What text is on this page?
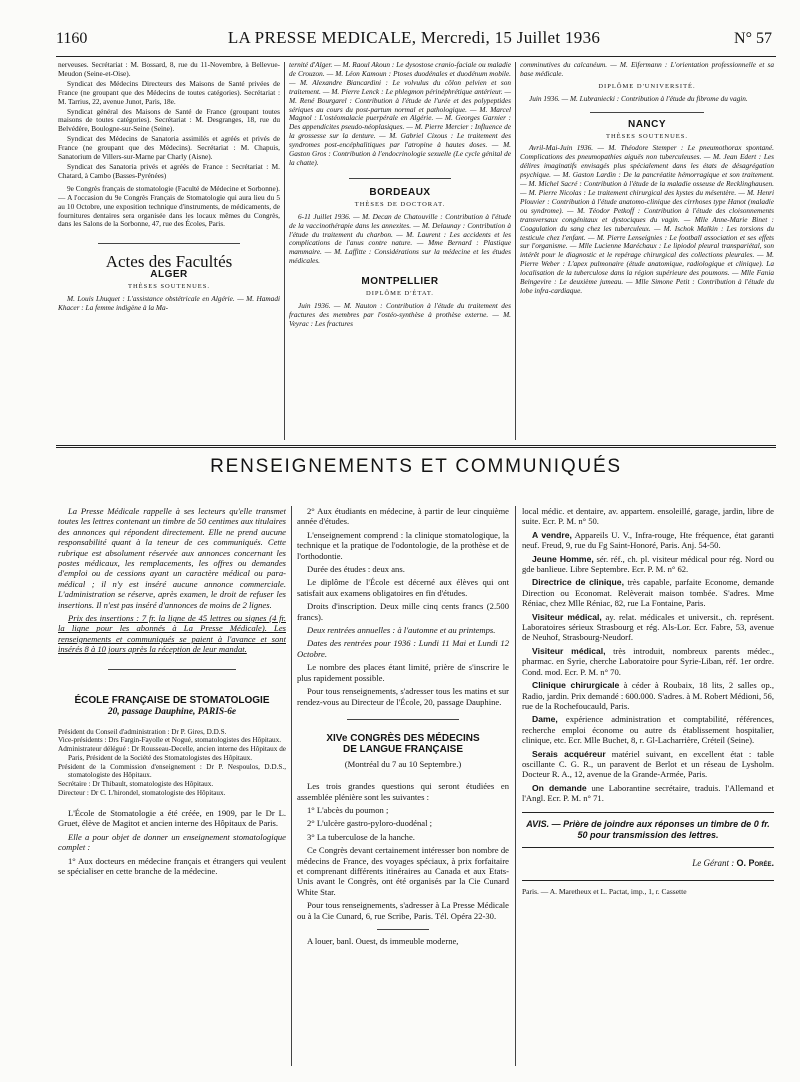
1160	LA PRESSE MEDICALE, Mercredi, 15 Juillet 1936	N° 57

nerveuses. Secrétariat : M. Bossard, 8, rue du 11-Novembre, à Bellevue-Meudon (Seine-et-Oise).

Syndicat des Médecins Directeurs des Maisons de Santé privées de France (ne groupant que des Médecins de toutes catégories). Secrétariat : M. Tarrius, 22, avenue Junot, Paris, 18e.

Syndicat général des Maisons de Santé de France (groupant toutes maisons de toutes catégories). Secrétariat : M. Desgranges, 18, rue du Belvédère, Boulogne-sur-Seine (Seine).

Syndicat des Médecins de Sanatoria assimilés et agréés et privés de France (ne groupant que des Médecins). Secrétariat : M. Chapuis, Sanatorium de Villers-sur-Marne par Charly (Aisne).

Syndicat des Sanatoria privés et agréés de France : Secrétariat : M. Chatard, à Cambo (Basses-Pyrénées)

9e Congrès français de stomatologie (Faculté de Médecine et Sorbonne). — A l'occasion du 9e Congrès Français de Stomatologie qui aura lieu du 5 au 10 Octobre, une exposition technique d'instruments, de médicaments, de fournitures dentaires sera organisée dans les locaux mêmes du Congrès, dans les Salons de la Sorbonne, 47, rue des Écoles, Paris.

Actes des Facultés
ALGER
THÈSES SOUTENUES.

M. Louis Lhuquet : L'assistance obstétricale en Algérie. — M. Hamadi Khacer : La femme indigène à la Ma-

ternité d'Alger. — M. Raoul Akoun : Le dysostose cranio-faciale ou maladie de Crouzon. — M. Léon Kamoun : Ptoses duodénales et duodénum mobile. — M. Alexandre Biancardini : Le volvulus du côlon pelvien et son traitement. — M. Pierre Lenck : Le phlegmon périnéphrétique antérieur. — M. René Bourgarel : Contribution à l'étude de l'urée et des polypeptides sériques au cours du post-partum normal et pathologique. — M. Marcel Magnol : L'ostéomalacie puerpérale en Algérie. — M. Georges Garnier : Des appendicites pseudo-néoplasiques. — M. Pierre Mercier : Influence de la grossesse sur la denture. — M. Gabriel Cixous : Le traitement des syndromes post-encéphalitiques par l'atropine à hautes doses. — M. Gaston Gros : Contribution à l'endocrinologie sexuelle (Le cycle génital de la chatte).

BORDEAUX
THÈSES DE DOCTORAT.

6-11 Juillet 1936. — M. Decan de Chatouville : Contribution à l'étude de la vaccinothérapie dans les annexites. — M. Delaunay : Contribution à l'étude du traitement du charbon. — M. Laurent : Les accidents et les complications de l'anus contre nature. — Mme Bernard : Plastique mammaire. — M. Laffitte : Considérations sur la médecine et les études médicales.

MONTPELLIER
DIPLÔME D'ÉTAT.

Juin 1936. — M. Nauton : Contribution à l'étude du traitement des fractures des membres par l'ostéo-synthèse à prothèse externe. — M. Veyrac : Les fractures

comminutives du calcanéum. — M. Eifermann : L'orientation professionnelle et sa base médicale.

DIPLÔME D'UNIVERSITÉ.

Juin 1936. — M. Lubraniecki : Contribution à l'étude du fibrome du vagin.

NANCY
THÈSES SOUTENUES.

Avril-Mai-Juin 1936. — M. Théodore Stemper : Le pneumothorax spontané. Complications des pneumopathies aiguës non tuberculeuses. — M. Jean Edert : Les délires imaginatifs envisagés plus spécialement dans les états de désagrégation psychique. — M. Gaston Lardin : De la pancréatite hémorragique et son traitement. — M. Michel Sacré : Contribution à l'étude de la maladie osseuse de Recklinghausen. — M. Pierre Nicolas : Le traitement chirurgical des kystes du mésentère. — M. Henri Plouvier : Contribution à l'étude anatomo-clinique des cirrhoses type Hanot (maladie ou syndrome). — M. Téodor Petkoff : Contribution à l'étude des cloisonnements transversaux congénitaux et dystociques du vagin. — Mlle Anne-Marie Binet : Coagulation du sang chez les tuberculeux. — M. Ischok Malkin : Les torsions du testicule chez l'enfant. — M. Pierre Lenseignies : Le football association et ses effets sur l'organisme. — Mlle Lucienne Maréchaux : Le lipiodol pleural transpariétal, son intérêt pour le diagnostic et le repérage chirurgical des collections pleurales. — M. Pierre Weber : L'apex pulmonaire (étude anatomique, radiologique et clinique). La localisation de la tuberculose dans la région supérieure des poumons. — Mlle Fania Beingevire : Le deuxième jumeau. — Mlle Simone Petit : Contribution à l'étude du lobe infra-cardiaque.

RENSEIGNEMENTS ET COMMUNIQUÉS

La Presse Médicale rappelle à ses lecteurs qu'elle transmet toutes les lettres contenant un timbre de 50 centimes aux titulaires des annonces qui répondent directement. Elle ne prend aucune responsabilité quant à la teneur de ces communiqués. Cette rubrique est absolument réservée aux annonces concernant les postes médicaux, les remplacements, les offres ou demandes d'emploi ou de cessions ayant un caractère médical ou para-médical ; il n'y est inséré aucune annonce commerciale. L'administration se réserve, après examen, le droit de refuser les insertions. Il n'est pas inséré d'annonces de moins de 2 lignes.

Prix des insertions : 7 fr. la ligne de 45 lettres ou signes (4 fr. la ligne pour les abonnés à La Presse Médicale). Les renseignements et communiqués se paient à l'avance et sont insérés 8 à 10 jours après la réception de leur mandat.

ÉCOLE FRANÇAISE DE STOMATOLOGIE
20, passage Dauphine, PARIS-6e
Président du Conseil d'administration : Dr P. Gires, D.D.S.
Vice-présidents : Drs Fargin-Fayolle et Nogué, stomatologistes des Hôpitaux.
Administrateur délégué : Dr Rousseau-Decelle, ancien interne des Hôpitaux de Paris, Président de la Société des Stomatologistes des Hôpitaux.
Président de la Commission d'enseignement : Dr P. Nespoulos, D.D.S., stomatologiste des Hôpitaux.
Secrétaire : Dr Thibault, stomatologiste des Hôpitaux.
Directeur : Dr C. L'hirondel, stomatologiste des Hôpitaux.

L'École de Stomatologie a été créée, en 1909, par le Dr L. Gruet, élève de Magitot et ancien interne des Hôpitaux de Paris.

Elle a pour objet de donner un enseignement stomatologique complet :

1° Aux docteurs en médecine français et étrangers qui veulent se spécialiser en cette branche de la médecine.

2° Aux étudiants en médecine, à partir de leur cinquième année d'études.

L'enseignement comprend : la clinique stomatologique, la technique et la pratique de l'odontologie, de la prothèse et de l'orthodontie.

Durée des études : deux ans.

Le diplôme de l'École est décerné aux élèves qui ont satisfait aux examens obligatoires en fin d'études.

Droits d'inscription. Deux mille cinq cents francs (2.500 francs).

Deux rentrées annuelles : à l'automne et au printemps.

Dates des rentrées pour 1936 : Lundi 11 Mai et Lundi 12 Octobre.

Le nombre des places étant limité, prière de s'inscrire le plus rapidement possible.

Pour tous renseignements, s'adresser tous les matins et sur rendez-vous au Directeur de l'École, 20, passage Dauphine.

XIVe CONGRÈS DES MÉDECINS
DE LANGUE FRANÇAISE
(Montréal du 7 au 10 Septembre.)

Les trois grandes questions qui seront étudiées en assemblée plénière sont les suivantes :

1° L'abcès du poumon ;

2° L'ulcère gastro-pyloro-duodénal ;

3° La tuberculose de la hanche.

Ce Congrès devant certainement intéresser bon nombre de médecins de France, des voyages spéciaux, à prix forfaitaire et comprenant différents itinéraires au Canada et aux Etats-Unis avant le Congrès, ont été organisés par la Cie Cunard White Star.

Pour tous renseignements, s'adresser à La Presse Médicale ou à la Cie Cunard, 6, rue Scribe, Paris. Tél. Opéra 22-30.

A louer, banl. Ouest, ds immeuble moderne,

local médic. et dentaire, av. appartem. ensoleillé, garage, jardin, libre de suite. Ecr. P. M. n° 50.

A vendre, Appareils U. V., Infra-rouge, Hte fréquence, état garanti neuf. Freud, 9, rue du Fg Saint-Honoré, Paris. Anj. 54-50.

Jeune Homme, sér. réf., ch. pl. visiteur médical pour rég. Nord ou gde banlieue. Libre Septembre. Ecr. P. M. n° 62.

Directrice de clinique, très capable, parfaite Econome, demande Direction ou Economat. Relèverait maison tombée. S'adres. Mme Réniac, chez Mlle Réniac, 82, rue La Fontaine, Paris.

Visiteur médical, ay. relat. médicales et universit., ch. représent. Laboratoires sérieux Strasbourg et rég. Als-Lor. Ecr. Fabre, 53, avenue de Neuhof, Strasbourg-Neudorf.

Visiteur médical, très introduit, nombreux parents médec., pharmac. en Syrie, cherche Laboratoire pour Syrie-Liban, réf. 1er ordre. Cond. mod. Ecr. P. M. n° 70.

Clinique chirurgicale à céder à Roubaix, 18 lits, 2 salles op., Radio, jardin. Prix demandé : 600.000. S'adres. à M. Robert Médioni, 56, rue de la Rochefoucauld, Paris.

Dame, expérience administration et comptabilité, références, recherche emploi économe ou autre ds établissement hospitalier, clinique, etc. Ecr. Mlle Buchet, 8, r. Gl-Lacharrière, Créteil (Seine).

Serais acquéreur matériel suivant, en excellent état : table oscillante C. G. R., un paravent de Berlot et un réseau de Lysholm. Docteur R. A., 12, avenue de la Grande-Armée, Paris.

On demande une Laborantine secrétaire, traduis. l'Allemand et l'Angl. Ecr. P. M. n° 71.

AVIS. — Prière de joindre aux réponses un timbre de 0 fr. 50 pour transmission des lettres.
Le Gérant : O. Porée.
Paris. — A. Maretheux et L. Pactat, imp., 1, r. Cassette
